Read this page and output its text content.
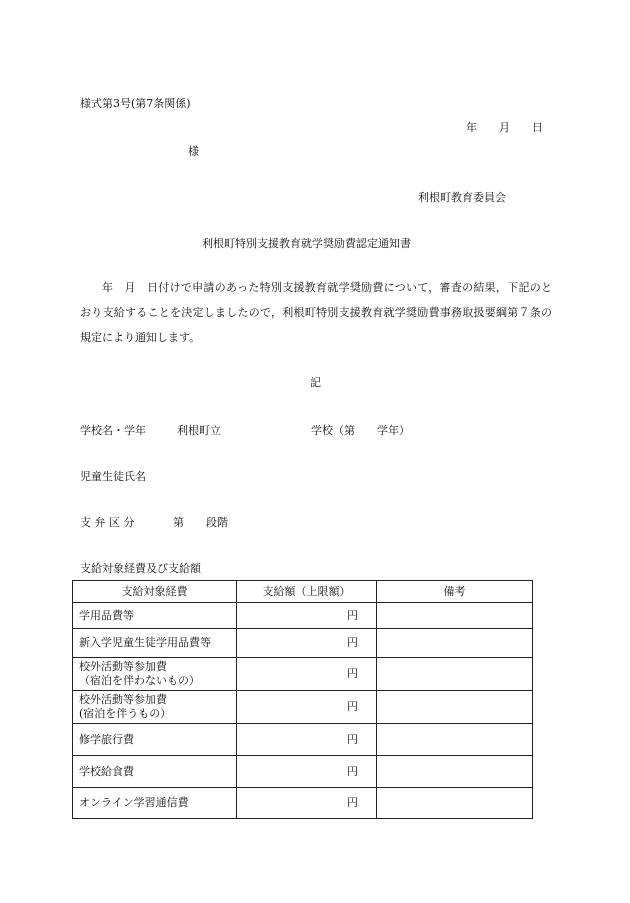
様式第3号(第7条関係)
年　　月　　日
様
利根町教育委員会
利根町特別支援教育就学奨励費認定通知書

年　月　日付けで申請のあった特別支援教育就学奨励費について，審査の結果，下記のとおり支給することを決定しましたので，利根町特別支援教育就学奨励費事務取扱要綱第７条の規定により通知します。

記
学校名・学年	利根町立	学校（第　　学年）
児童生徒氏名
支 弁 区 分	第　　段階
支給対象経費及び支給額
支給対象経費	支給額（上限額）	備考

学用品費等	円	

新入学児童生徒学用品費等	円	

校外活動等参加費
（宿泊を伴わないもの）	円	

校外活動等参加費
(宿泊を伴うもの）	円	

修学旅行費	円	

学校給食費	円	

オンライン学習通信費	円	
